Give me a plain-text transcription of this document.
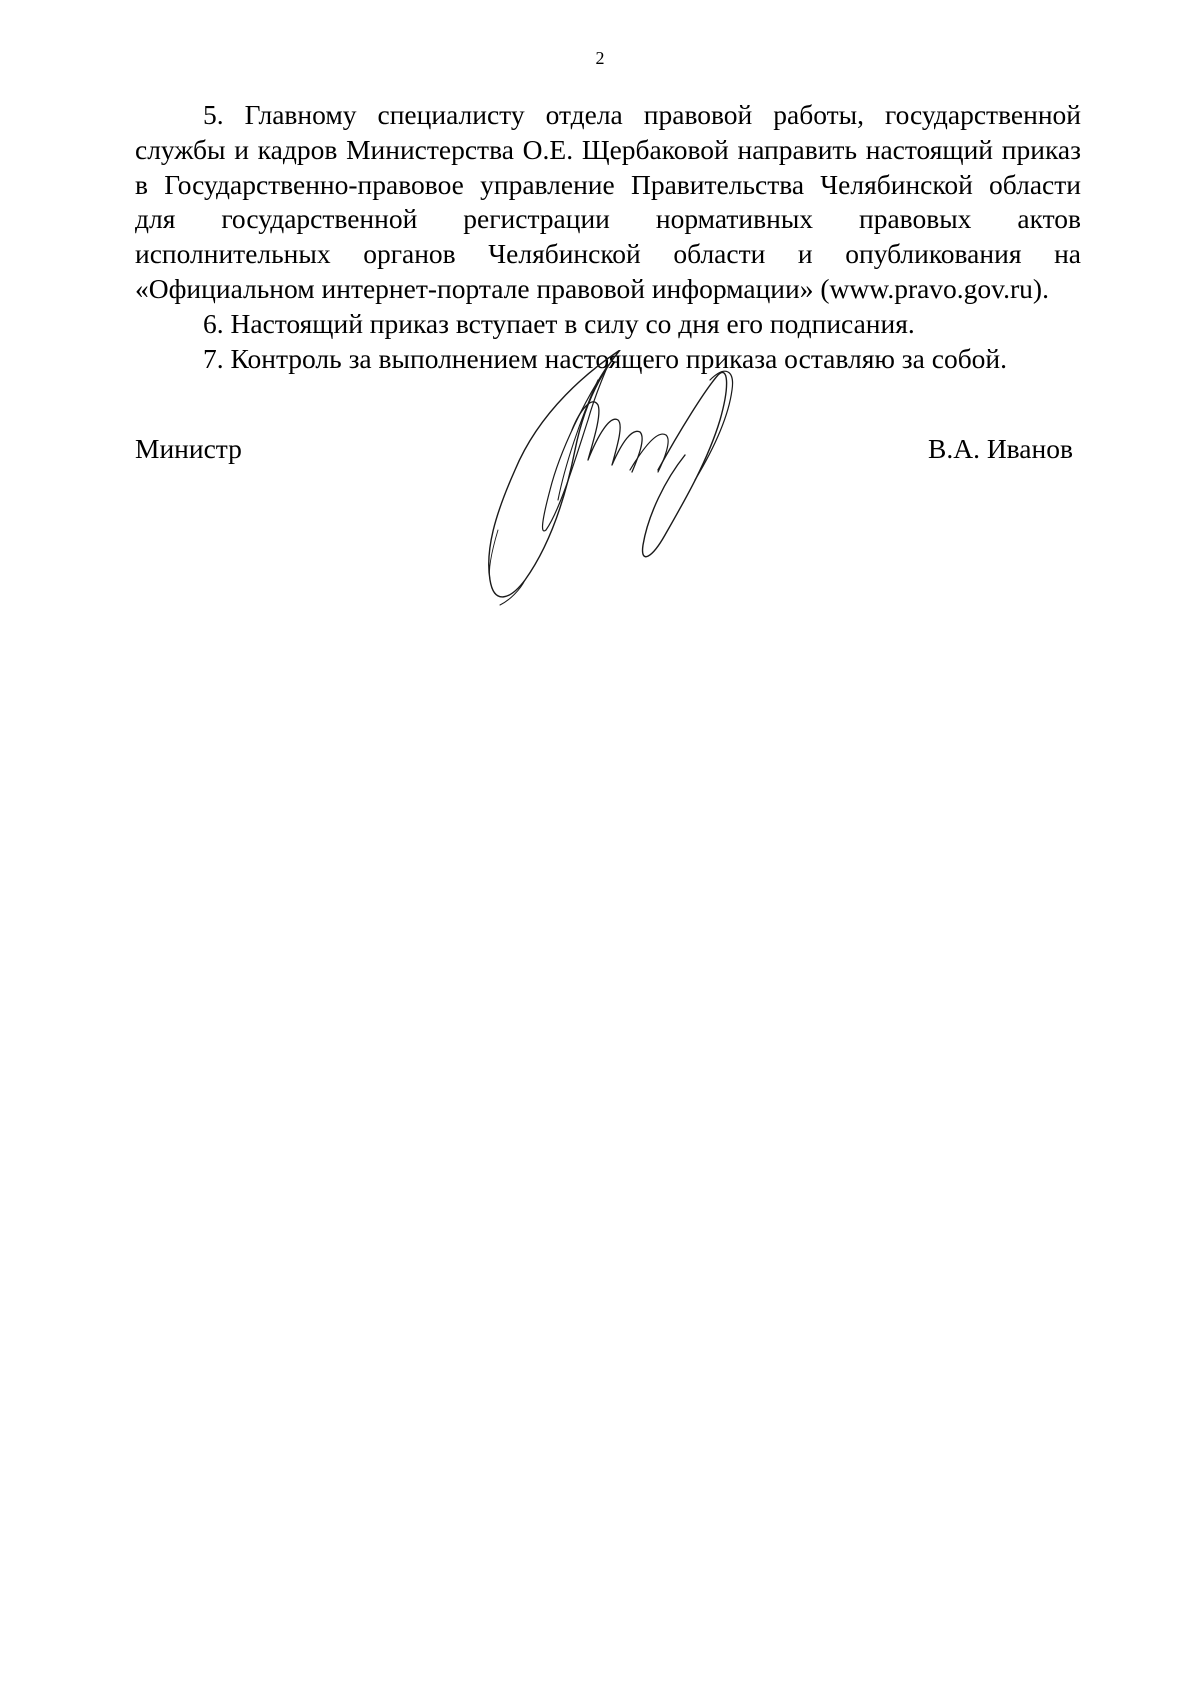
2

5. Главному специалисту отдела правовой работы, государственной службы и кадров Министерства О.Е. Щербаковой направить настоящий приказ в Государственно-правовое управление Правительства Челябинской области для государственной регистрации нормативных правовых актов исполнительных органов Челябинской области и опубликования на «Официальном интернет-портале правовой информации» (www.pravo.gov.ru).

6. Настоящий приказ вступает в силу со дня его подписания.

7. Контроль за выполнением настоящего приказа оставляю за собой.

Министр	В.А. Иванов
